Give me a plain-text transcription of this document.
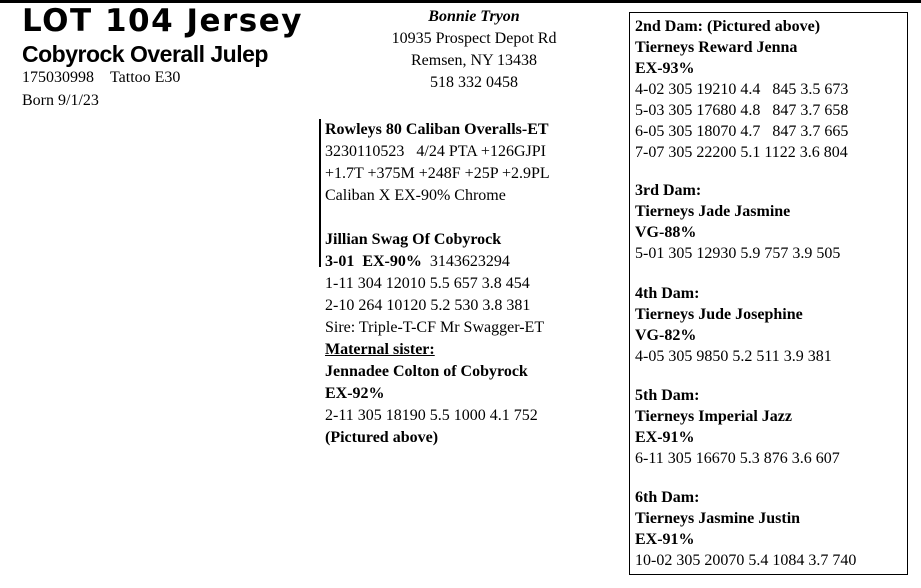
LOT 104 Jersey
Cobyrock Overall Julep
175030998 Tattoo E30
Born 9/1/23
Bonnie Tryon
10935 Prospect Depot Rd
Remsen, NY 13438
518 332 0458
Rowleys 80 Caliban Overalls-ET
3230110523   4/24 PTA +126GJPI
+1.7T +375M +248F +25P +2.9PL
Caliban X EX-90% Chrome
Jillian Swag Of Cobyrock
3-01  EX-90% 3143623294
1-11 304 12010 5.5 657 3.8 454
2-10 264 10120 5.2 530 3.8 381
Sire: Triple-T-CF Mr Swagger-ET
Maternal sister:
Jennadee Colton of Cobyrock
EX-92%
2-11 305 18190 5.5 1000 4.1 752
(Pictured above)
2nd Dam: (Pictured above)
Tierneys Reward Jenna
EX-93%
4-02 305 19210 4.4   845 3.5 673
5-03 305 17680 4.8   847 3.7 658
6-05 305 18070 4.7   847 3.7 665
7-07 305 22200 5.1 1122 3.6 804
3rd Dam:
Tierneys Jade Jasmine
VG-88%
5-01 305 12930 5.9 757 3.9 505
4th Dam:
Tierneys Jude Josephine
VG-82%
4-05 305 9850 5.2 511 3.9 381
5th Dam:
Tierneys Imperial Jazz
EX-91%
6-11 305 16670 5.3 876 3.6 607
6th Dam:
Tierneys Jasmine Justin
EX-91%
10-02 305 20070 5.4 1084 3.7 740
